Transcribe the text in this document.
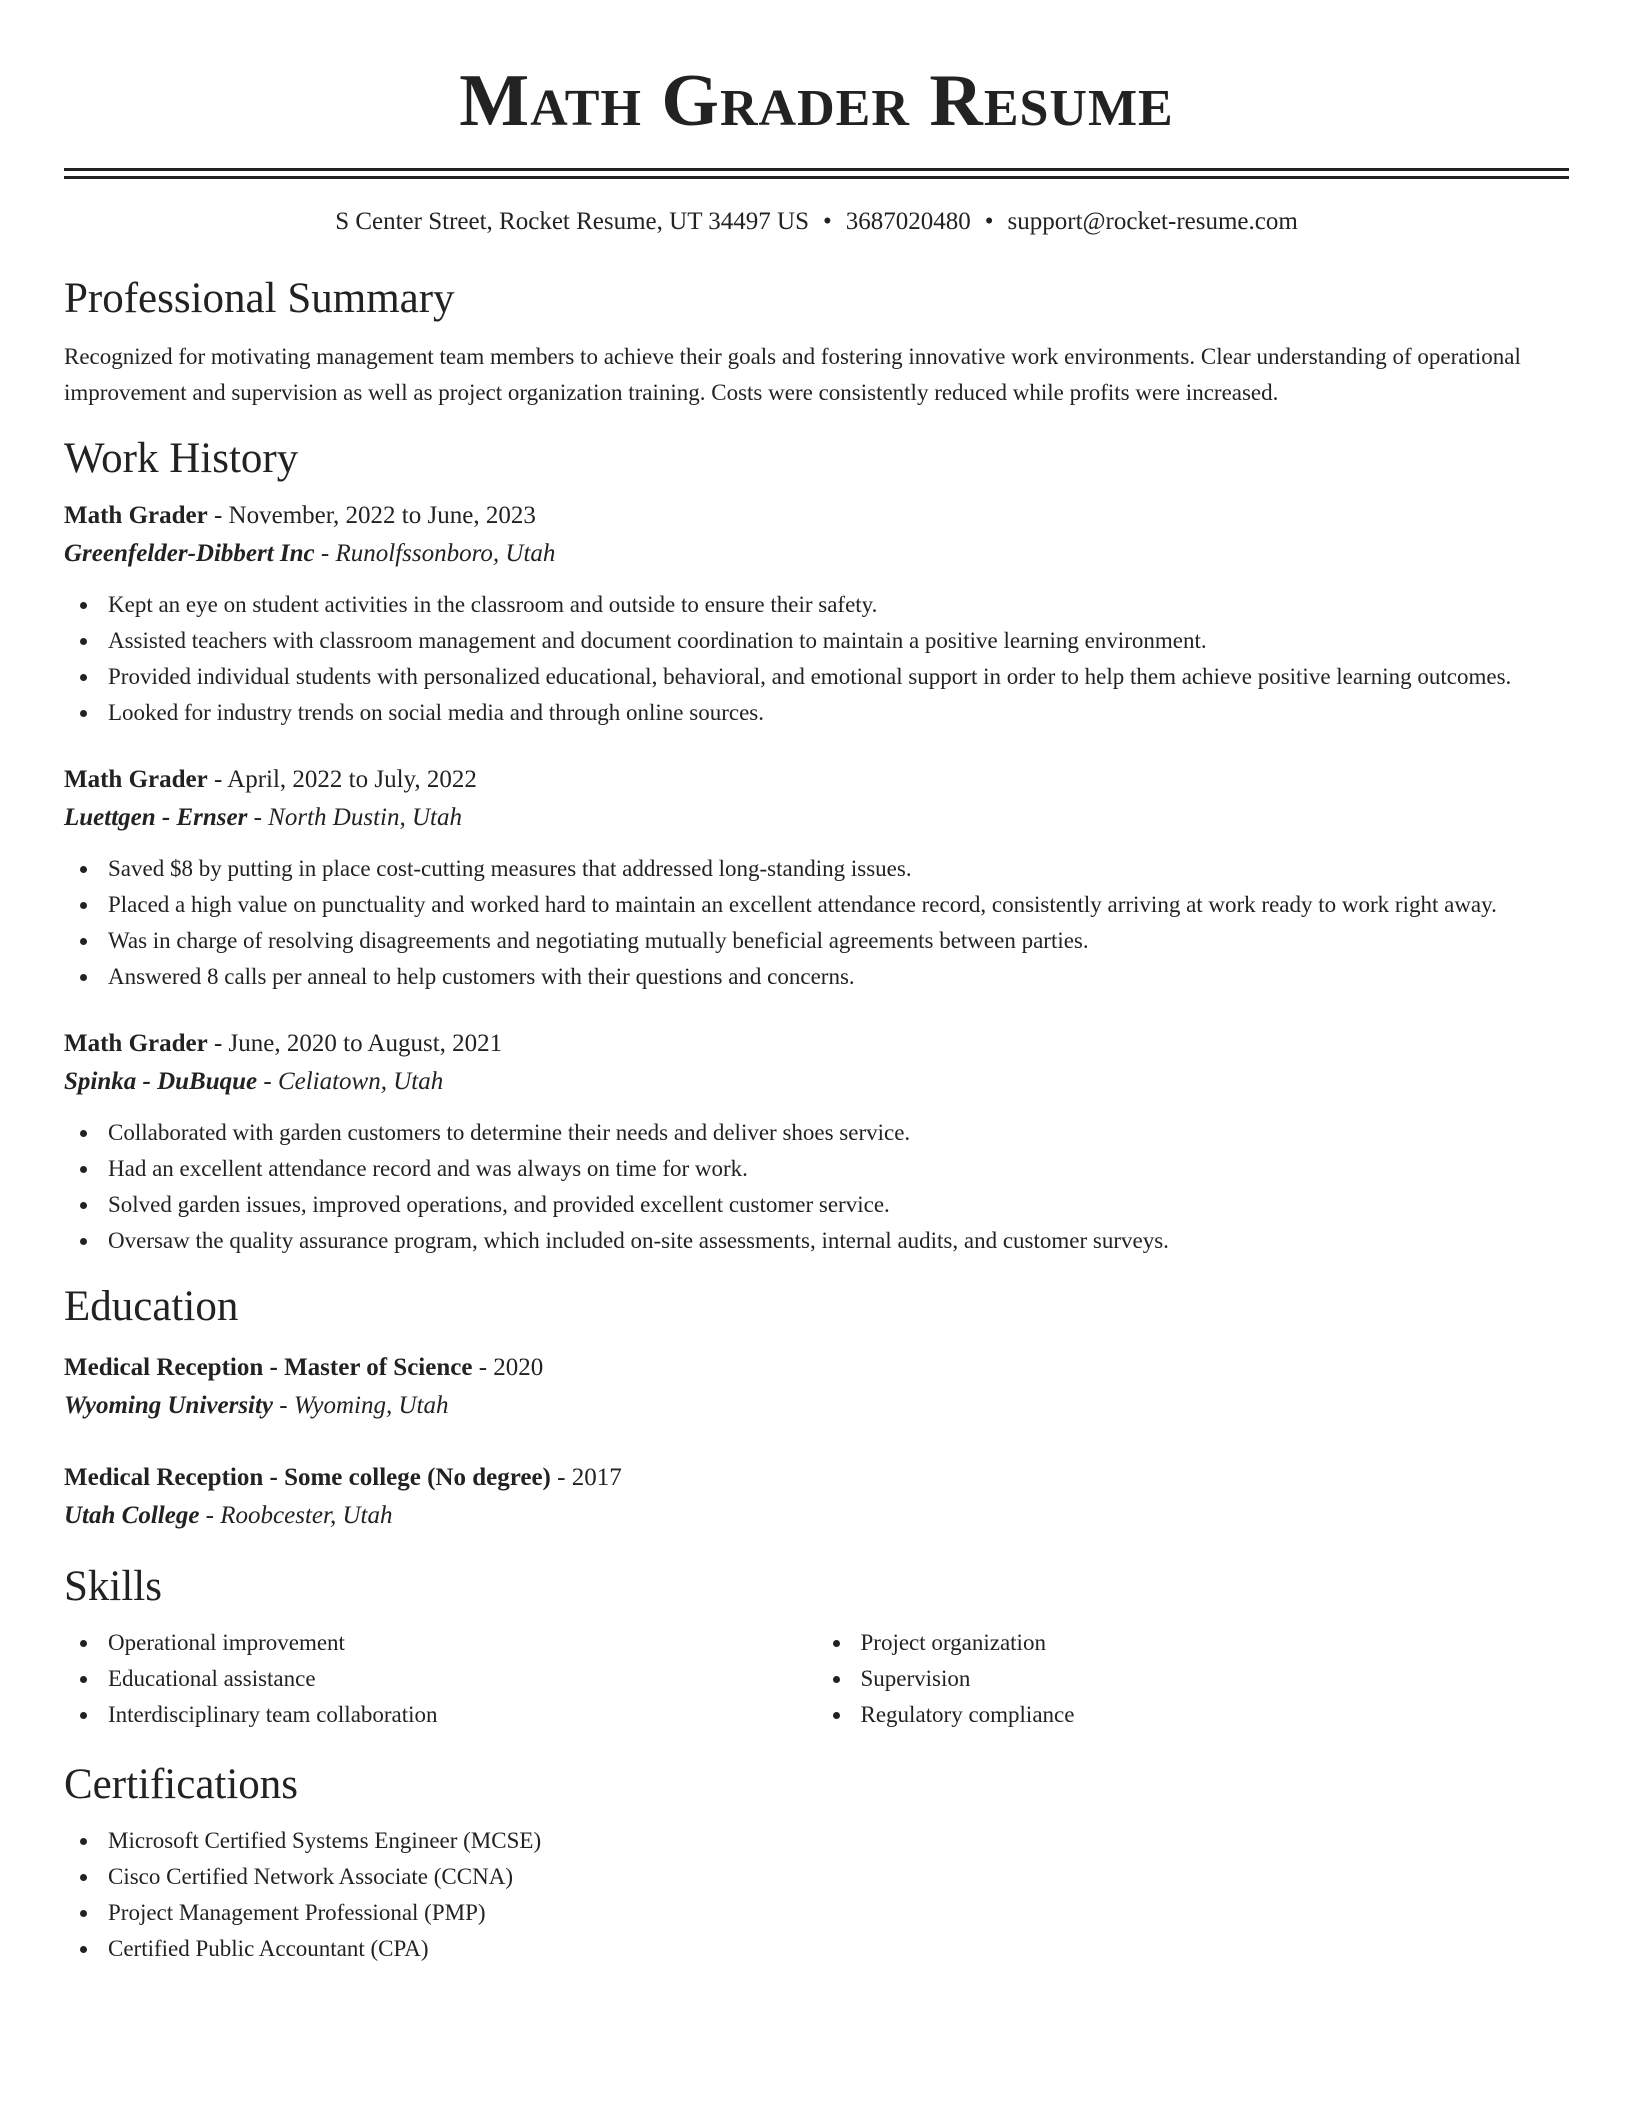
Math Grader Resume
S Center Street, Rocket Resume, UT 34497 US • 3687020480 • support@rocket-resume.com
Professional Summary
Recognized for motivating management team members to achieve their goals and fostering innovative work environments. Clear understanding of operational improvement and supervision as well as project organization training. Costs were consistently reduced while profits were increased.
Work History
Math Grader - November, 2022 to June, 2023
Greenfelder-Dibbert Inc - Runolfssonboro, Utah
Kept an eye on student activities in the classroom and outside to ensure their safety.
Assisted teachers with classroom management and document coordination to maintain a positive learning environment.
Provided individual students with personalized educational, behavioral, and emotional support in order to help them achieve positive learning outcomes.
Looked for industry trends on social media and through online sources.
Math Grader - April, 2022 to July, 2022
Luettgen - Ernser - North Dustin, Utah
Saved $8 by putting in place cost-cutting measures that addressed long-standing issues.
Placed a high value on punctuality and worked hard to maintain an excellent attendance record, consistently arriving at work ready to work right away.
Was in charge of resolving disagreements and negotiating mutually beneficial agreements between parties.
Answered 8 calls per anneal to help customers with their questions and concerns.
Math Grader - June, 2020 to August, 2021
Spinka - DuBuque - Celiatown, Utah
Collaborated with garden customers to determine their needs and deliver shoes service.
Had an excellent attendance record and was always on time for work.
Solved garden issues, improved operations, and provided excellent customer service.
Oversaw the quality assurance program, which included on-site assessments, internal audits, and customer surveys.
Education
Medical Reception - Master of Science - 2020
Wyoming University - Wyoming, Utah
Medical Reception - Some college (No degree) - 2017
Utah College - Roobcester, Utah
Skills
Operational improvement
Educational assistance
Interdisciplinary team collaboration
Project organization
Supervision
Regulatory compliance
Certifications
Microsoft Certified Systems Engineer (MCSE)
Cisco Certified Network Associate (CCNA)
Project Management Professional (PMP)
Certified Public Accountant (CPA)
